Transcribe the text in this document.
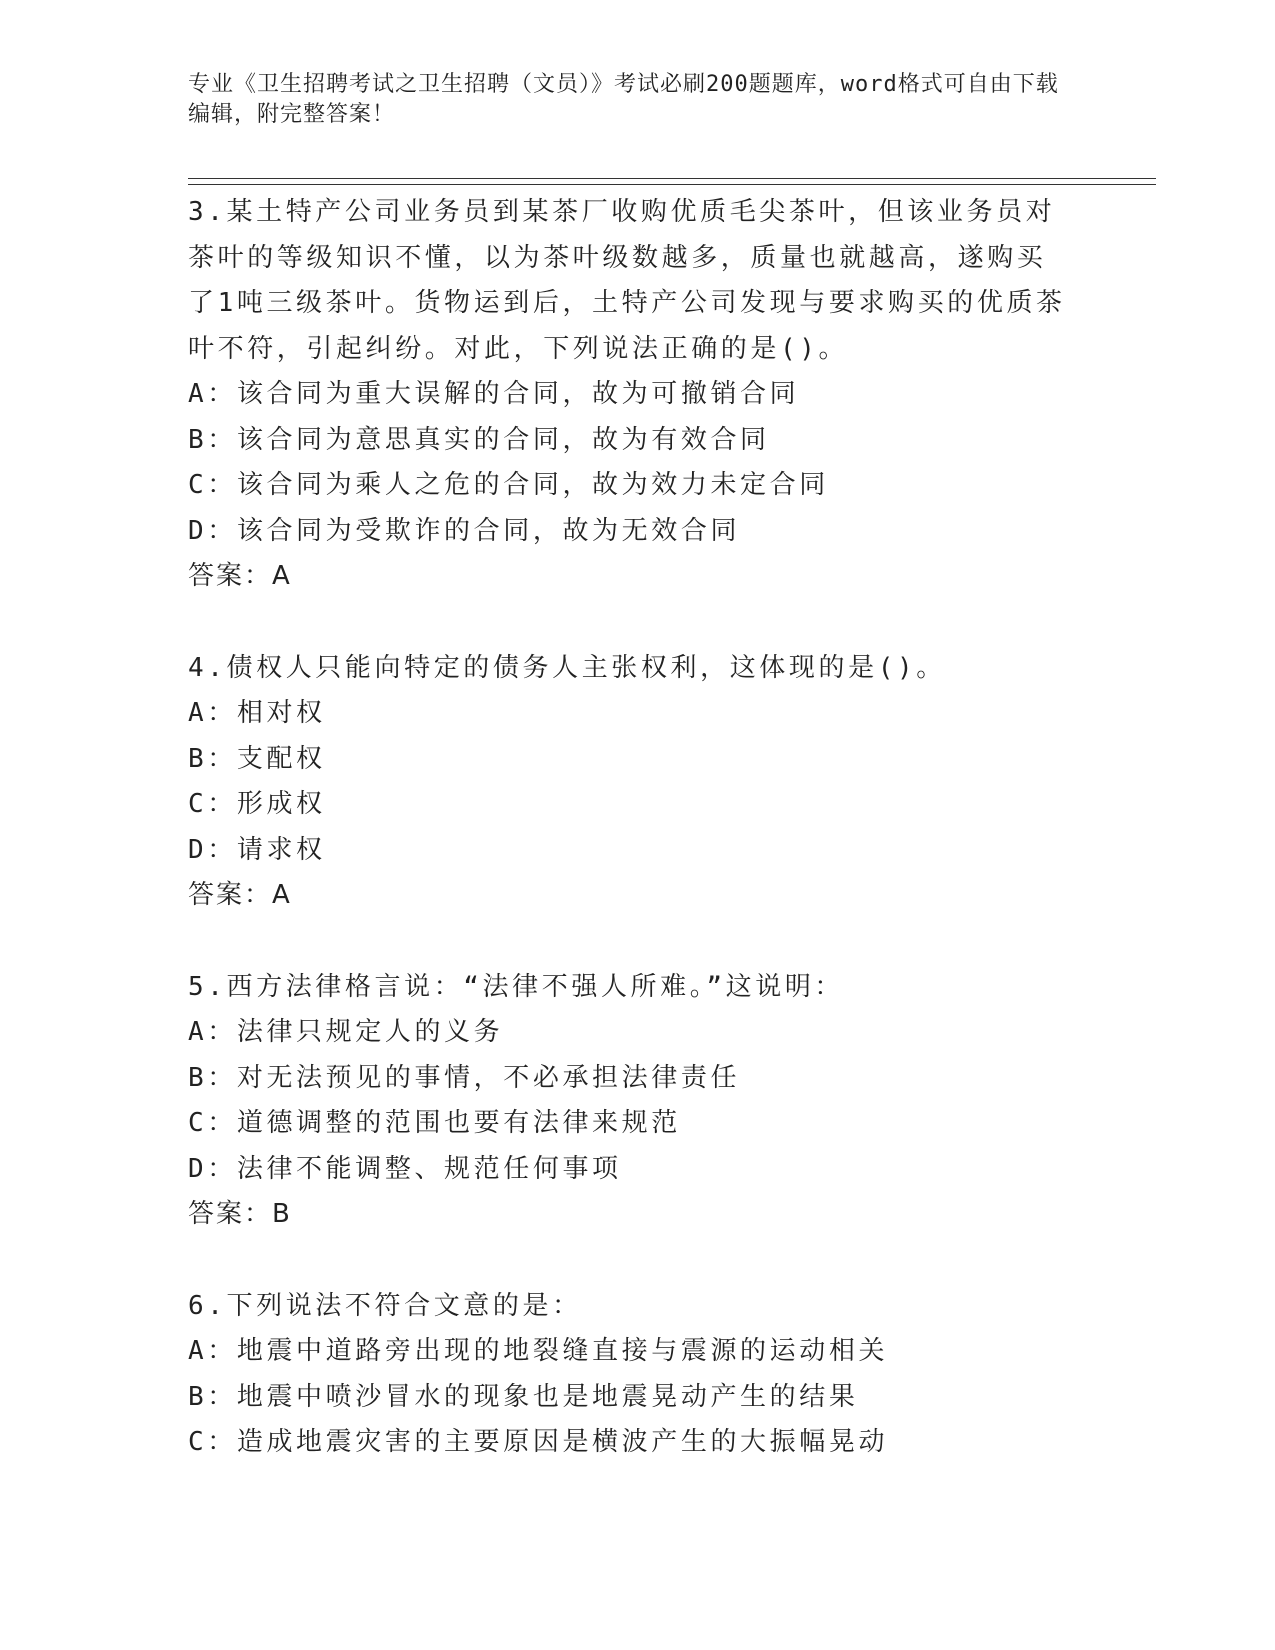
专业《卫生招聘考试之卫生招聘（文员）》考试必刷200题题库，word格式可自由下载编辑，附完整答案！
3.某土特产公司业务员到某茶厂收购优质毛尖茶叶，但该业务员对茶叶的等级知识不懂，以为茶叶级数越多，质量也就越高，遂购买了1吨三级茶叶。货物运到后，土特产公司发现与要求购买的优质茶叶不符，引起纠纷。对此，下列说法正确的是()。
A：该合同为重大误解的合同，故为可撤销合同
B：该合同为意思真实的合同，故为有效合同
C：该合同为乘人之危的合同，故为效力未定合同
D：该合同为受欺诈的合同，故为无效合同
答案：A
4.债权人只能向特定的债务人主张权利，这体现的是()。
A：相对权
B：支配权
C：形成权
D：请求权
答案：A
5.西方法律格言说：“法律不强人所难。”这说明：
A：法律只规定人的义务
B：对无法预见的事情，不必承担法律责任
C：道德调整的范围也要有法律来规范
D：法律不能调整、规范任何事项
答案：B
6.下列说法不符合文意的是：
A：地震中道路旁出现的地裂缝直接与震源的运动相关
B：地震中喷沙冒水的现象也是地震晃动产生的结果
C：造成地震灾害的主要原因是横波产生的大振幅晃动
